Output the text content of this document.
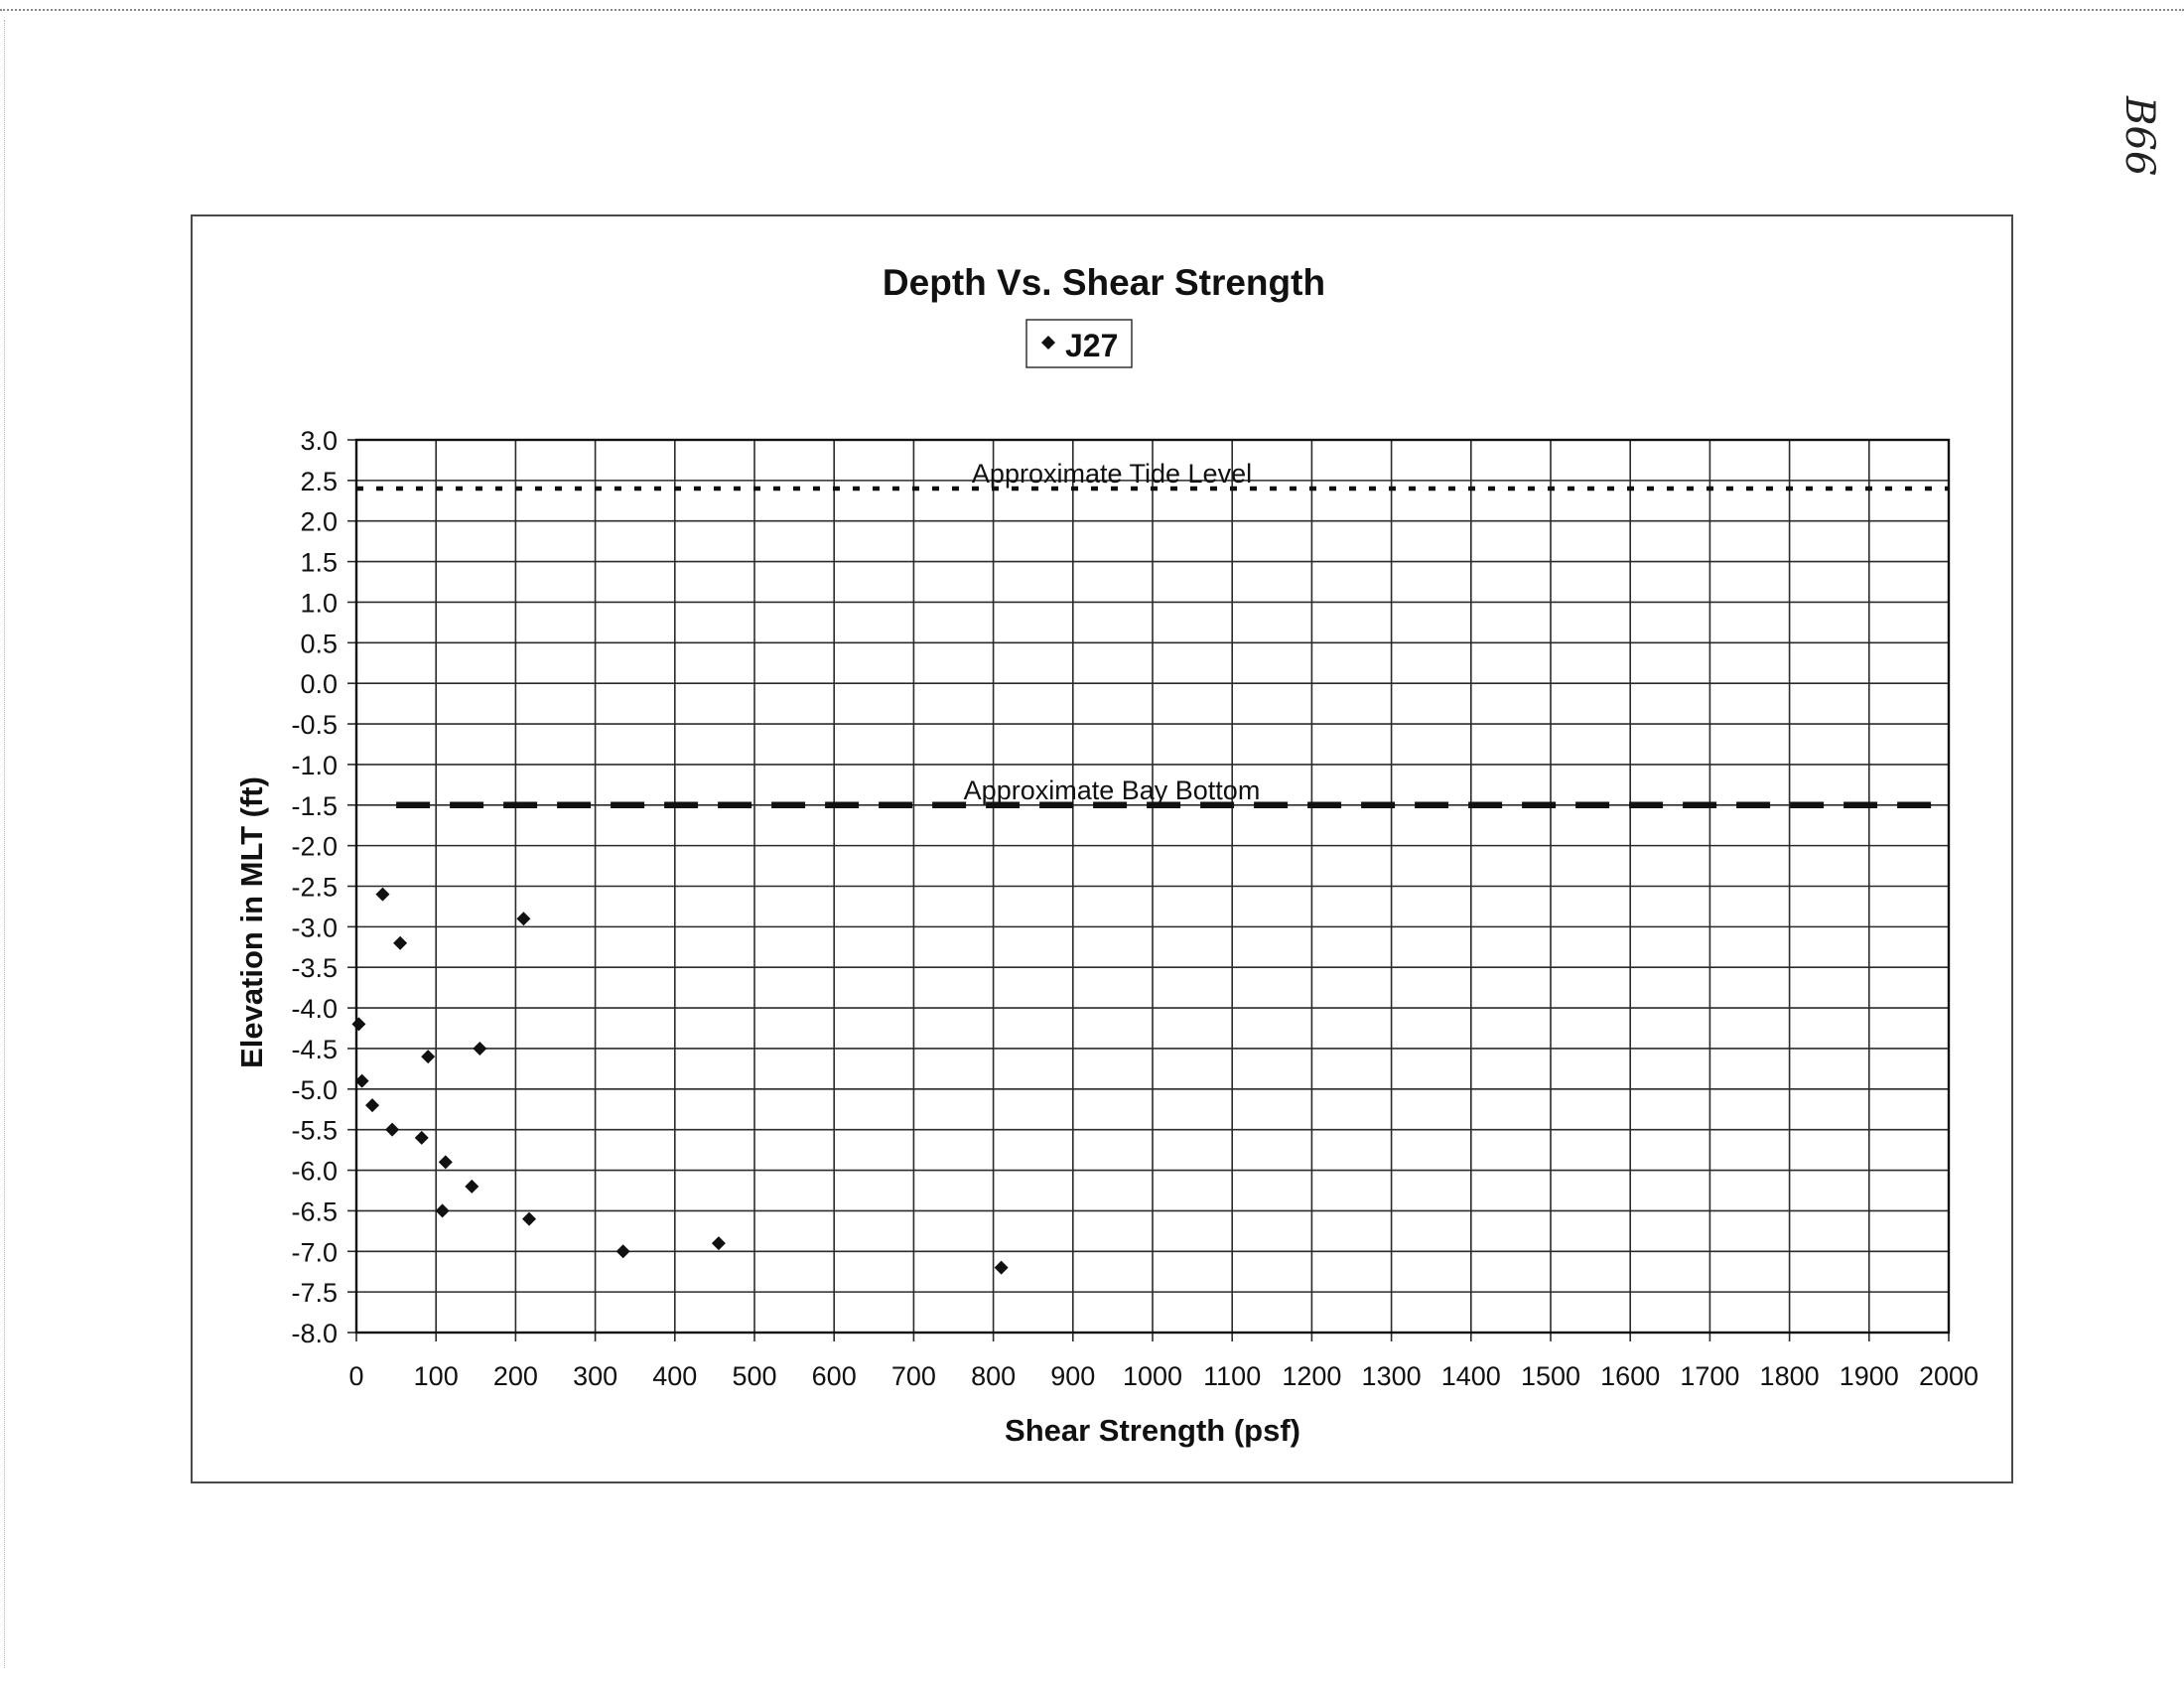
B66
Approximate Tide Level
Approximate Bay Bottom
0 100 200 300 400 500 600 700 800 900 1000 1100 1200 1300 1400 1500 1600 1700 1800 1900 2000
3.0
2.5
2.0
1.5
1.0
0.5
0.0
-0.5
-1.0
-1.5
-2.0
-2.5
-3.0
-3.5
-4.0
-4.5
-5.0
-5.5
-6.0
-6.5
-7.0
-7.5
-8.0
Depth Vs. Shear Strength
J27
Shear Strength (psf)
Elevation in MLT (ft)
